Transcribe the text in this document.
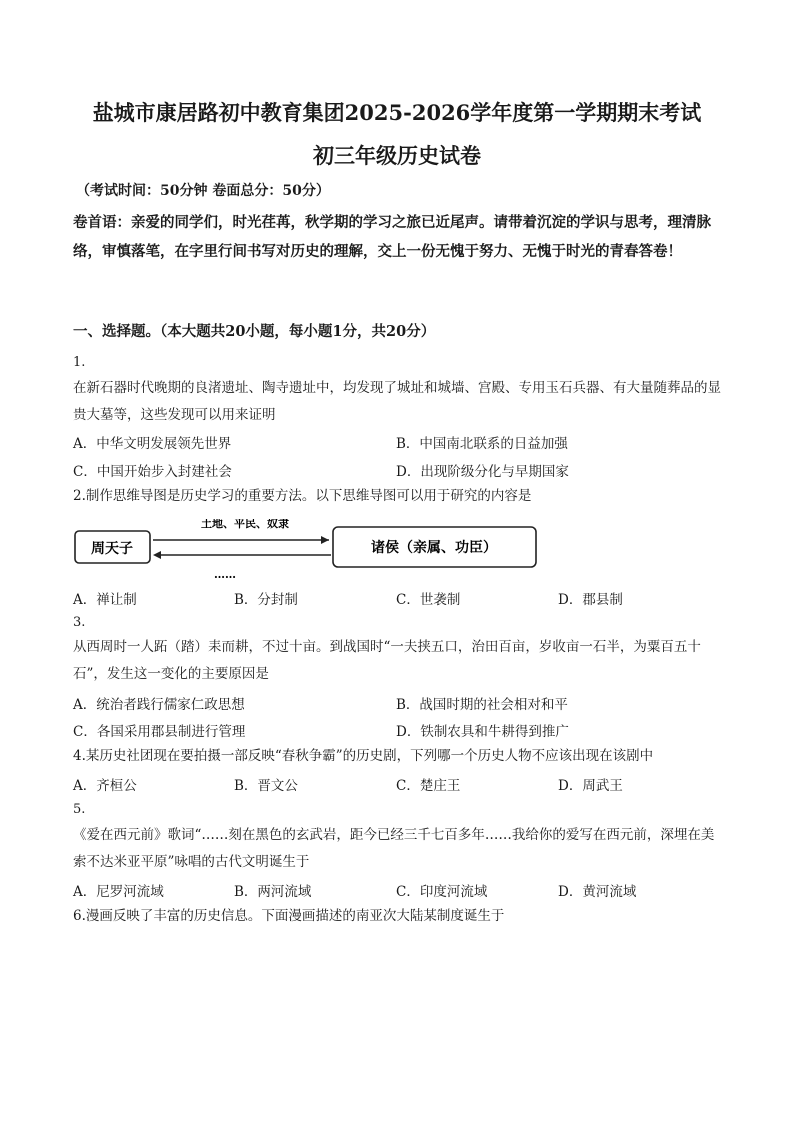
盐城市康居路初中教育集团2025-2026学年度第一学期期末考试
初三年级历史试卷
（考试时间：50分钟 卷面总分：50分）
卷首语：亲爱的同学们，时光荏苒，秋学期的学习之旅已近尾声。请带着沉淀的学识与思考，理清脉络，审慎落笔，在字里行间书写对历史的理解，交上一份无愧于努力、无愧于时光的青春答卷！
一、选择题。（本大题共20小题，每小题1分，共20分）
1.
在新石器时代晚期的良渚遗址、陶寺遗址中，均发现了城址和城墙、宫殿、专用玉石兵器、有大量随葬品的显贵大墓等，这些发现可以用来证明
A．中华文明发展领先世界	B．中国南北联系的日益加强
C．中国开始步入封建社会	D．出现阶级分化与早期国家
2.制作思维导图是历史学习的重要方法。以下思维导图可以用于研究的内容是
周天子	诸侯（亲属、功臣）
土地、平民、奴隶
……
A．禅让制	B．分封制	C．世袭制	D．郡县制
3.
从西周时一人跖（踏）耒而耕，不过十亩。到战国时“一夫挟五口，治田百亩，岁收亩一石半，为粟百五十石”，发生这一变化的主要原因是
A．统治者践行儒家仁政思想	B．战国时期的社会相对和平
C．各国采用郡县制进行管理	D．铁制农具和牛耕得到推广
4.某历史社团现在要拍摄一部反映“春秋争霸”的历史剧，下列哪一个历史人物不应该出现在该剧中
A．齐桓公	B．晋文公	C．楚庄王	D．周武王
5.
《爱在西元前》歌词“……刻在黑色的玄武岩，距今已经三千七百多年……我给你的爱写在西元前，深埋在美索不达米亚平原”咏唱的古代文明诞生于
A．尼罗河流域	B．两河流域	C．印度河流域	D．黄河流域
6.漫画反映了丰富的历史信息。下面漫画描述的南亚次大陆某制度诞生于
